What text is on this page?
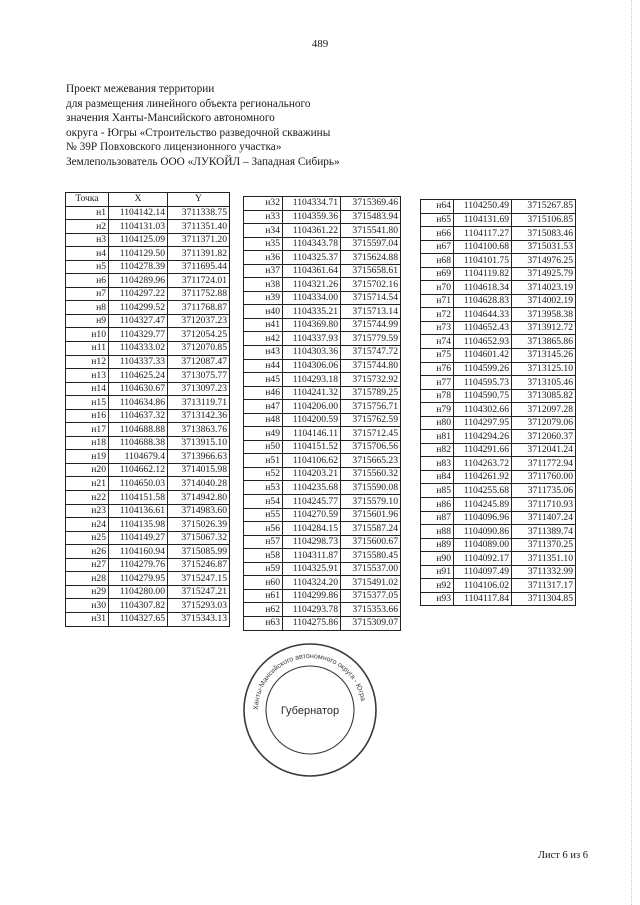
489
Проект межевания территории
для размещения линейного объекта регионального
значения Ханты-Мансийского автономного
округа - Югры «Строительство разведочной скважины
№ 39Р Повховского лицензионного участка»
Землепользователь ООО «ЛУКОЙЛ – Западная Сибирь»
Точка	X	Y
н1	1104142.14	3711338.75
н2	1104131.03	3711351.40
н3	1104125.09	3711371.20
н4	1104129.50	3711391.82
н5	1104278.39	3711695.44
н6	1104289.96	3711724.01
н7	1104297.22	3711752.88
н8	1104299.52	3711768.87
н9	1104327.47	3712037.23
н10	1104329.77	3712054.25
н11	1104333.02	3712070.85
н12	1104337.33	3712087.47
н13	1104625.24	3713075.77
н14	1104630.67	3713097.23
н15	1104634.86	3713119.71
н16	1104637.32	3713142.36
н17	1104688.88	3713863.76
н18	1104688.38	3713915.10
н19	1104679.4	3713966.63
н20	1104662.12	3714015.98
н21	1104650.03	3714040.28
н22	1104151.58	3714942.80
н23	1104136.61	3714983.60
н24	1104135.98	3715026.39
н25	1104149.27	3715067.32
н26	1104160.94	3715085.99
н27	1104279.76	3715246.87
н28	1104279.95	3715247.15
н29	1104280.00	3715247.21
н30	1104307.82	3715293.03
н31	1104327.65	3715343.13
н32	1104334.71	3715369.46
н33	1104359.36	3715483.94
н34	1104361.22	3715541.80
н35	1104343.78	3715597.04
н36	1104325.37	3715624.88
н37	1104361.64	3715658.61
н38	1104321.26	3715702.16
н39	1104334.00	3715714.54
н40	1104335.21	3715713.14
н41	1104369.80	3715744.99
н42	1104337.93	3715779.59
н43	1104303.36	3715747.72
н44	1104306.06	3715744.80
н45	1104293.18	3715732.92
н46	1104241.32	3715789.25
н47	1104206.00	3715756.71
н48	1104200.59	3715762.59
н49	1104146.11	3715712.45
н50	1104151.52	3715706.56
н51	1104106.62	3715665.23
н52	1104203.21	3715560.32
н53	1104235.68	3715590.08
н54	1104245.77	3715579.10
н55	1104270.59	3715601.96
н56	1104284.15	3715587.24
н57	1104298.73	3715600.67
н58	1104311.87	3715580.45
н59	1104325.91	3715537.00
н60	1104324.20	3715491.02
н61	1104299.86	3715377.05
н62	1104293.78	3715353.66
н63	1104275.86	3715309.07
н64	1104250.49	3715267.85
н65	1104131.69	3715106.85
н66	1104117.27	3715083.46
н67	1104100.68	3715031.53
н68	1104101.75	3714976.25
н69	1104119.82	3714925.79
н70	1104618.34	3714023.19
н71	1104628.83	3714002.19
н72	1104644.33	3713958.38
н73	1104652.43	3713912.72
н74	1104652.93	3713865.86
н75	1104601.42	3713145.26
н76	1104599.26	3713125.10
н77	1104595.73	3713105.46
н78	1104590.75	3713085.82
н79	1104302.66	3712097.28
н80	1104297.95	3712079.06
н81	1104294.26	3712060.37
н82	1104291.66	3712041.24
н83	1104263.72	3711772.94
н84	1104261.92	3711760.00
н85	1104255.68	3711735.06
н86	1104245.89	3711710.93
н87	1104096.96	3711407.24
н88	1104090.86	3711389.74
н89	1104089.00	3711370.25
н90	1104092.17	3711351.10
н91	1104097.49	3711332.99
н92	1104106.02	3711317.17
н93	1104117.84	3711304.85
Ханты-Мансийского автономного округа - Югра
Губернатор
Лист 6 из 6
